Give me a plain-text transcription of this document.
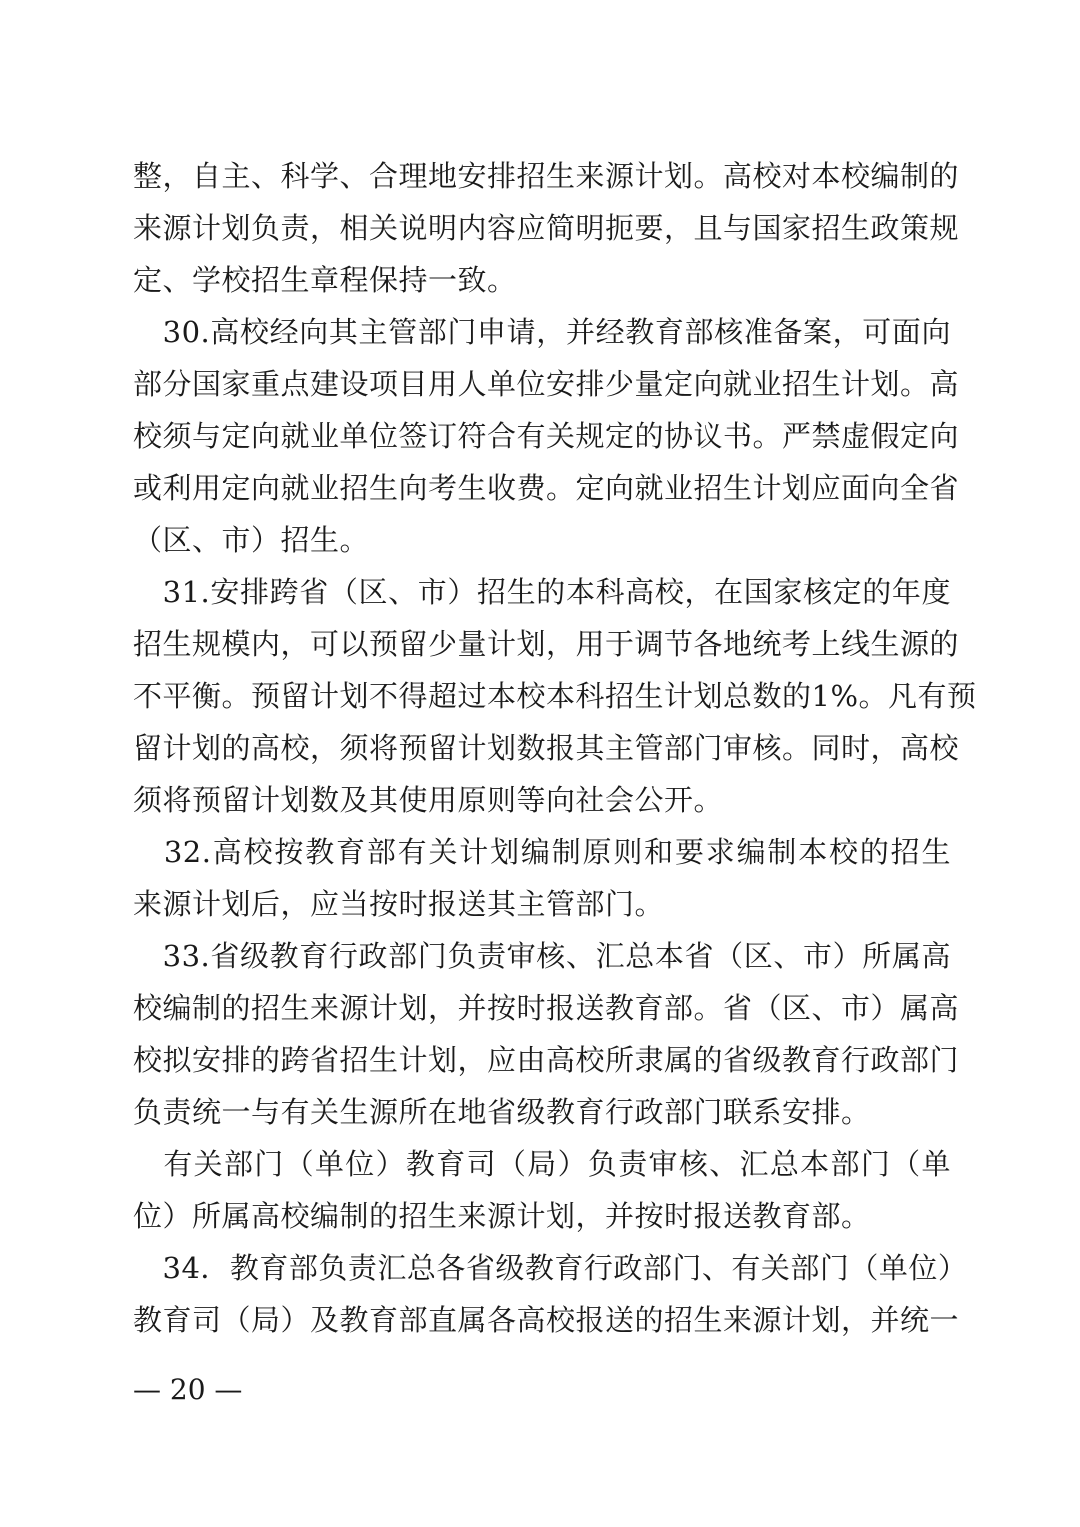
整，自主、科学、合理地安排招生来源计划。高校对本校编制的
来源计划负责，相关说明内容应简明扼要，且与国家招生政策规
定、学校招生章程保持一致。
　30.高校经向其主管部门申请，并经教育部核准备案，可面向
部分国家重点建设项目用人单位安排少量定向就业招生计划。高
校须与定向就业单位签订符合有关规定的协议书。严禁虚假定向
或利用定向就业招生向考生收费。定向就业招生计划应面向全省
（区、市）招生。
　31.安排跨省（区、市）招生的本科高校，在国家核定的年度
招生规模内，可以预留少量计划，用于调节各地统考上线生源的
不平衡。预留计划不得超过本校本科招生计划总数的1%。凡有预
留计划的高校，须将预留计划数报其主管部门审核。同时，高校
须将预留计划数及其使用原则等向社会公开。
　32.高校按教育部有关计划编制原则和要求编制本校的招生
来源计划后，应当按时报送其主管部门。
　33.省级教育行政部门负责审核、汇总本省（区、市）所属高
校编制的招生来源计划，并按时报送教育部。省（区、市）属高
校拟安排的跨省招生计划，应由高校所隶属的省级教育行政部门
负责统一与有关生源所在地省级教育行政部门联系安排。
　有关部门（单位）教育司（局）负责审核、汇总本部门（单
位）所属高校编制的招生来源计划，并按时报送教育部。
　34．教育部负责汇总各省级教育行政部门、有关部门（单位）
教育司（局）及教育部直属各高校报送的招生来源计划，并统一
— 20 —
